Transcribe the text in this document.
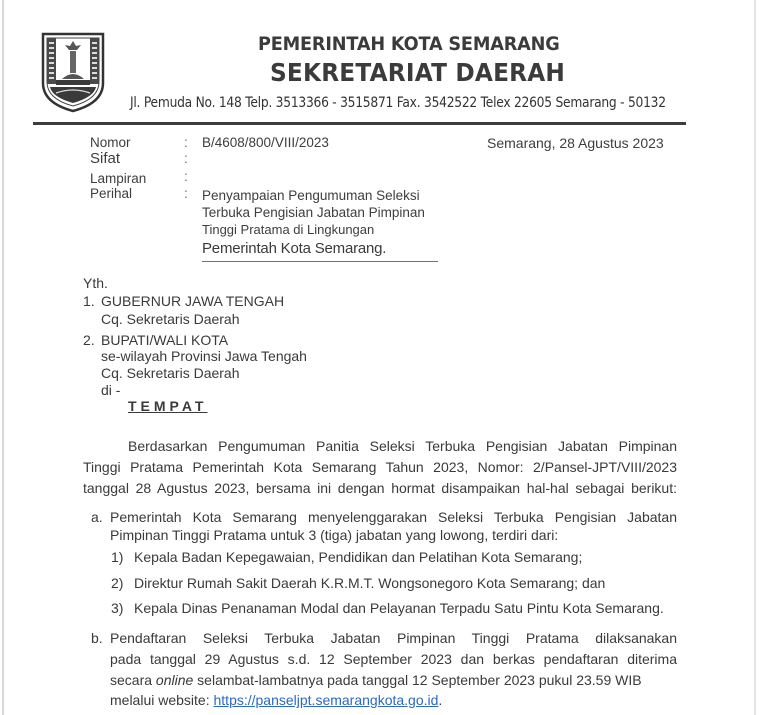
PEMERINTAH KOTA SEMARANG
SEKRETARIAT DAERAH
Jl. Pemuda No. 148 Telp. 3513366 - 3515871 Fax. 3542522 Telex 22605 Semarang - 50132
Semarang, 28 Agustus 2023
Nomor	: B/4608/800/VIII/2023
Sifat	:
Lampiran	:
Perihal	: Penyampaian Pengumuman Seleksi
Terbuka Pengisian Jabatan Pimpinan
Tinggi Pratama di Lingkungan
Pemerintah Kota Semarang.
Yth.
1. GUBERNUR JAWA TENGAH
Cq. Sekretaris Daerah
2. BUPATI/WALI KOTA
se-wilayah Provinsi Jawa Tengah
Cq. Sekretaris Daerah
di -
TEMPAT
Berdasarkan Pengumuman Panitia Seleksi Terbuka Pengisian Jabatan Pimpinan
Tinggi Pratama Pemerintah Kota Semarang Tahun 2023, Nomor: 2/Pansel-JPT/VIII/2023
tanggal 28 Agustus 2023, bersama ini dengan hormat disampaikan hal-hal sebagai berikut:
a. Pemerintah Kota Semarang menyelenggarakan Seleksi Terbuka Pengisian Jabatan
Pimpinan Tinggi Pratama untuk 3 (tiga) jabatan yang lowong, terdiri dari:
1) Kepala Badan Kepegawaian, Pendidikan dan Pelatihan Kota Semarang;
2) Direktur Rumah Sakit Daerah K.R.M.T. Wongsonegoro Kota Semarang; dan
3) Kepala Dinas Penanaman Modal dan Pelayanan Terpadu Satu Pintu Kota Semarang.
b. Pendaftaran Seleksi Terbuka Jabatan Pimpinan Tinggi Pratama dilaksanakan
pada tanggal 29 Agustus s.d. 12 September 2023 dan berkas pendaftaran diterima
secara online selambat-lambatnya pada tanggal 12 September 2023 pukul 23.59 WIB
melalui website: https://panseljpt.semarangkota.go.id.
